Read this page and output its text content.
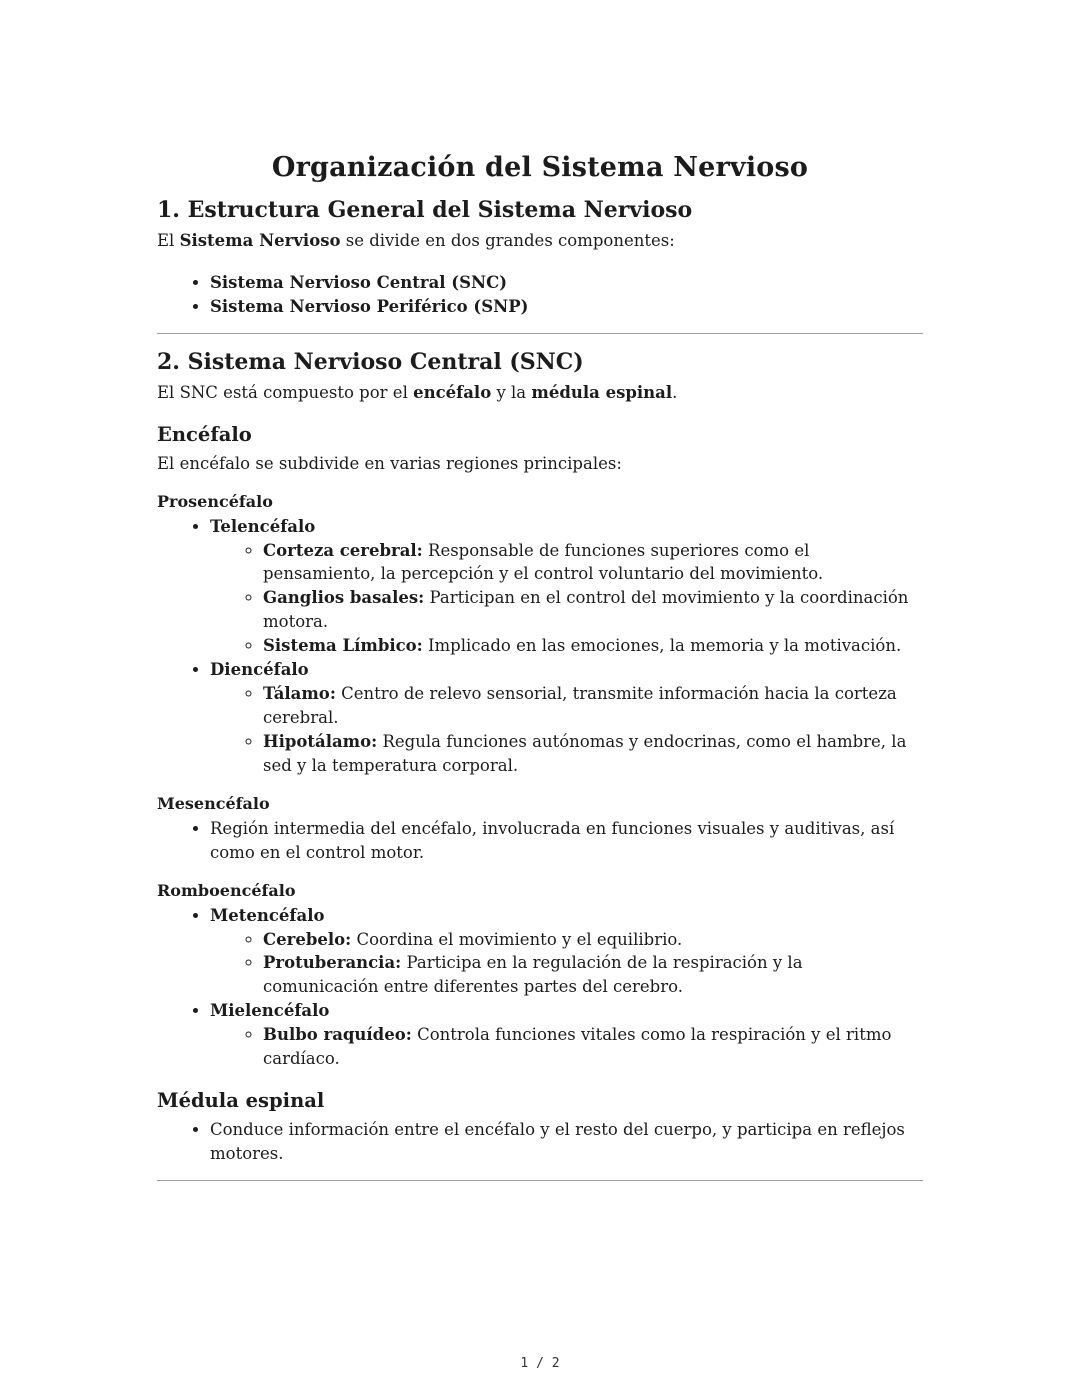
Organización del Sistema Nervioso
1. Estructura General del Sistema Nervioso

El Sistema Nervioso se divide en dos grandes componentes:

• Sistema Nervioso Central (SNC)
• Sistema Nervioso Periférico (SNP)
2. Sistema Nervioso Central (SNC)

El SNC está compuesto por el encéfalo y la médula espinal.

Encéfalo

El encéfalo se subdivide en varias regiones principales:

Prosencéfalo
• Telencéfalo
◦ Corteza cerebral: Responsable de funciones superiores como el pensamiento, la percepción y el control voluntario del movimiento.
◦ Ganglios basales: Participan en el control del movimiento y la coordinación motora.
◦ Sistema Límbico: Implicado en las emociones, la memoria y la motivación.
• Diencéfalo
◦ Tálamo: Centro de relevo sensorial, transmite información hacia la corteza cerebral.
◦ Hipotálamo: Regula funciones autónomas y endocrinas, como el hambre, la sed y la temperatura corporal.
Mesencéfalo
• Región intermedia del encéfalo, involucrada en funciones visuales y auditivas, así como en el control motor.
Romboencéfalo
• Metencéfalo
◦ Cerebelo: Coordina el movimiento y el equilibrio.
◦ Protuberancia: Participa en la regulación de la respiración y la comunicación entre diferentes partes del cerebro.
• Mielencéfalo
◦ Bulbo raquídeo: Controla funciones vitales como la respiración y el ritmo cardíaco.
Médula espinal
• Conduce información entre el encéfalo y el resto del cuerpo, y participa en reflejos motores.
1 / 2
